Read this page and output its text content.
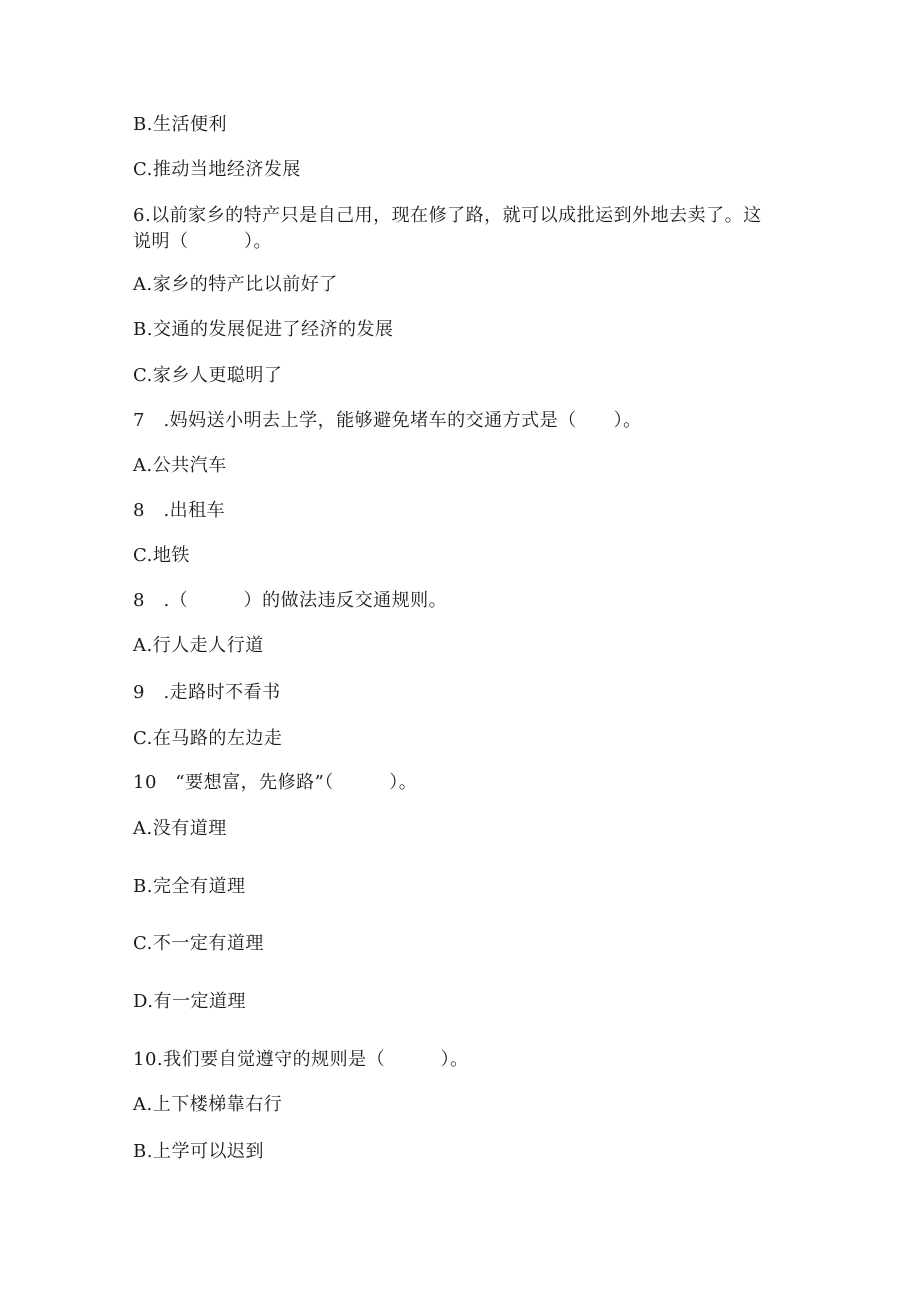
B.生活便利
C.推动当地经济发展
6.以前家乡的特产只是自己用，现在修了路，就可以成批运到外地去卖了。这
说明（　　　）。
A.家乡的特产比以前好了
B.交通的发展促进了经济的发展
C.家乡人更聪明了
7　.妈妈送小明去上学，能够避免堵车的交通方式是（　　）。
A.公共汽车
8　.出租车
C.地铁
8　.（　　　）的做法违反交通规则。
A.行人走人行道
9　.走路时不看书
C.在马路的左边走
10　“要想富，先修路”（　　　）。
A.没有道理
B.完全有道理
C.不一定有道理
D.有一定道理
10.我们要自觉遵守的规则是（　　　）。
A.上下楼梯靠右行
B.上学可以迟到
